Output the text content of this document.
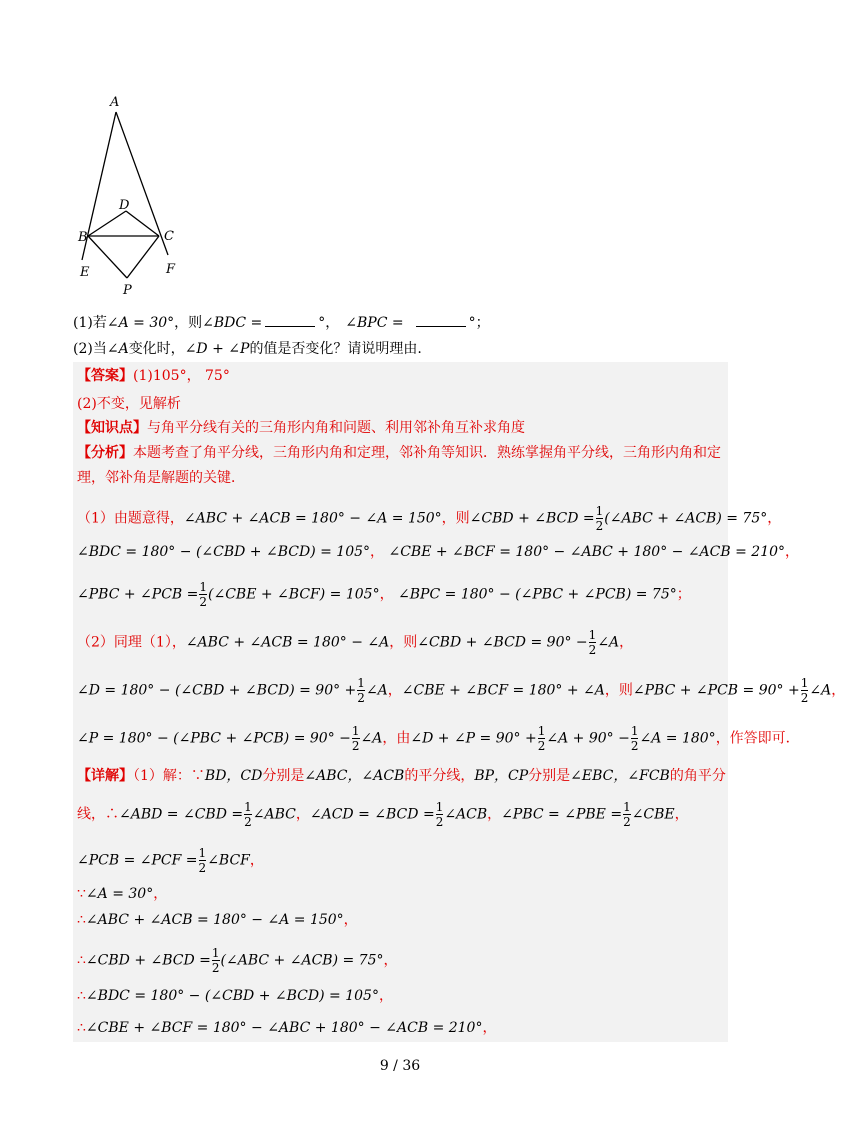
A
B	C
D
E	F
P
(1)若∠A = 30°，则∠BDC =	°， ∠BPC =	°；
(2)当∠A变化时，∠D + ∠P的值是否变化？请说明理由.
【答案】(1)105°， 75°
(2)不变，见解析
【知识点】与角平分线有关的三角形内角和问题、利用邻补角互补求角度
【分析】本题考查了角平分线，三角形内角和定理，邻补角等知识．熟练掌握角平分线，三角形内角和定
理，邻补角是解题的关键．
（1）由题意得，∠ABC + ∠ACB = 180° − ∠A = 150°，则∠CBD + ∠BCD = $\frac{1}{2}$ (∠ABC + ∠ACB) = 75°，
∠BDC = 180° − (∠CBD + ∠BCD) = 105°， ∠CBE + ∠BCF = 180° − ∠ABC + 180° − ∠ACB = 210°，
∠PBC + ∠PCB = $\frac{1}{2}$ (∠CBE + ∠BCF) = 105°， ∠BPC = 180° − (∠PBC + ∠PCB) = 75°；
（2）同理（1），∠ABC + ∠ACB = 180° − ∠A，则∠CBD + ∠BCD = $90^\circ - \frac{1}{2}$ ∠A，
∠D = 180° − (∠CBD + ∠BCD) = $90^\circ + \frac{1}{2}$ ∠A，∠CBE + ∠BCF = 180° + ∠A，则∠PBC + ∠PCB = $90^\circ + \frac{1}{2}$ ∠A，
∠P = 180° − (∠PBC + ∠PCB) = $90^\circ - \frac{1}{2}$ ∠A，由∠D + ∠P = $90^\circ + \frac{1}{2}$ ∠A + $90^\circ - \frac{1}{2}$ ∠A = 180°，作答即可．
【详解】（1）解：∵BD，CD分别是∠ABC，∠ACB的平分线，BP，CP分别是∠EBC，∠FCB的角平分
线，∴∠ABD = ∠CBD = $\frac{1}{2}$ ∠ABC，∠ACD = ∠BCD = $\frac{1}{2}$ ∠ACB，∠PBC = ∠PBE = $\frac{1}{2}$ ∠CBE，
∠PCB = ∠PCF = $\frac{1}{2}$ ∠BCF，
∵∠A = 30°，
∴∠ABC + ∠ACB = 180° − ∠A = 150°，
∴∠CBD + ∠BCD = $\frac{1}{2}$ (∠ABC + ∠ACB) = 75°，
∴∠BDC = 180° − (∠CBD + ∠BCD) = 105°，
∴∠CBE + ∠BCF = 180° − ∠ABC + 180° − ∠ACB = 210°，
9 / 36
